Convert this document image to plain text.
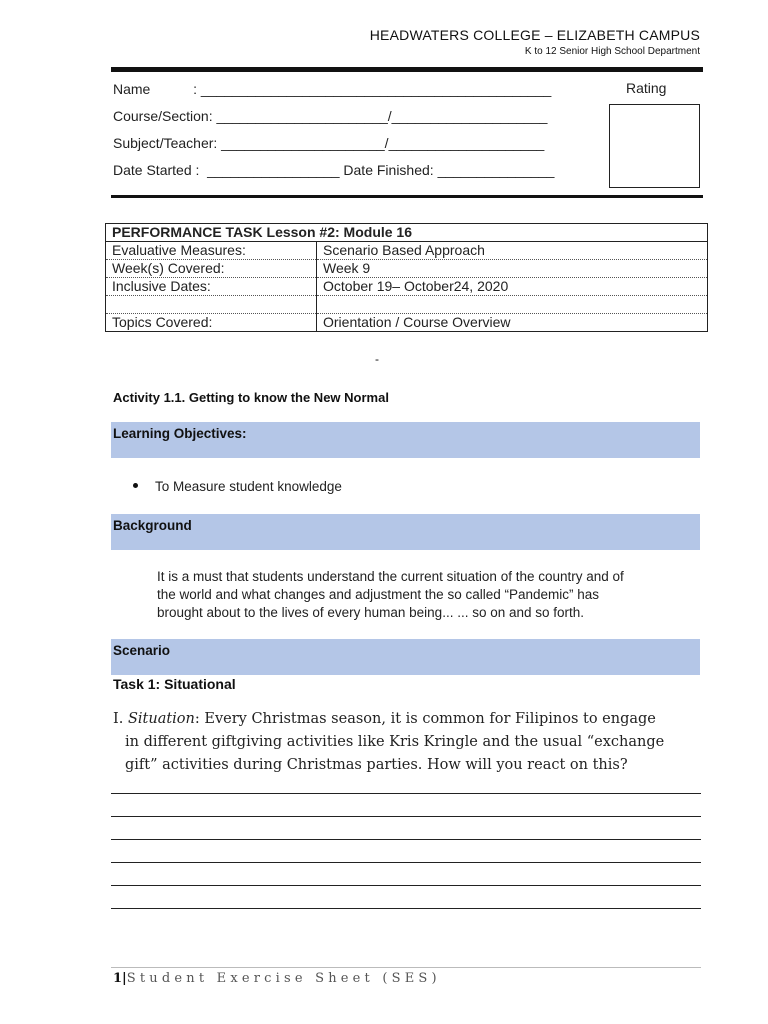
HEADWATERS COLLEGE – ELIZABETH CAMPUS
K to 12 Senior High School Department
Name           : _____________________________________________
Course/Section: ______________________/____________________
Subject/Teacher: _____________________/____________________
Date Started :  _________________ Date Finished: _______________
Rating
PERFORMANCE TASK Lesson #2: Module 16	
Evaluative Measures:	Scenario Based Approach
Week(s) Covered:	Week 9
Inclusive Dates:	October 19– October24, 2020

Topics Covered:	Orientation / Course Overview
-
Activity 1.1. Getting to know the New Normal
Learning Objectives:
To Measure student knowledge
Background
It is a must that students understand the current situation of the country and of
the world and what changes and adjustment the so called “Pandemic” has
brought about to the lives of every human being... ... so on and so forth.
Scenario
Task 1: Situational
I. Situation: Every Christmas season, it is common for Filipinos to engage
in different giftgiving activities like Kris Kringle and the usual “exchange
gift” activities during Christmas parties. How will you react on this?
1|Student Exercise Sheet (SES)
